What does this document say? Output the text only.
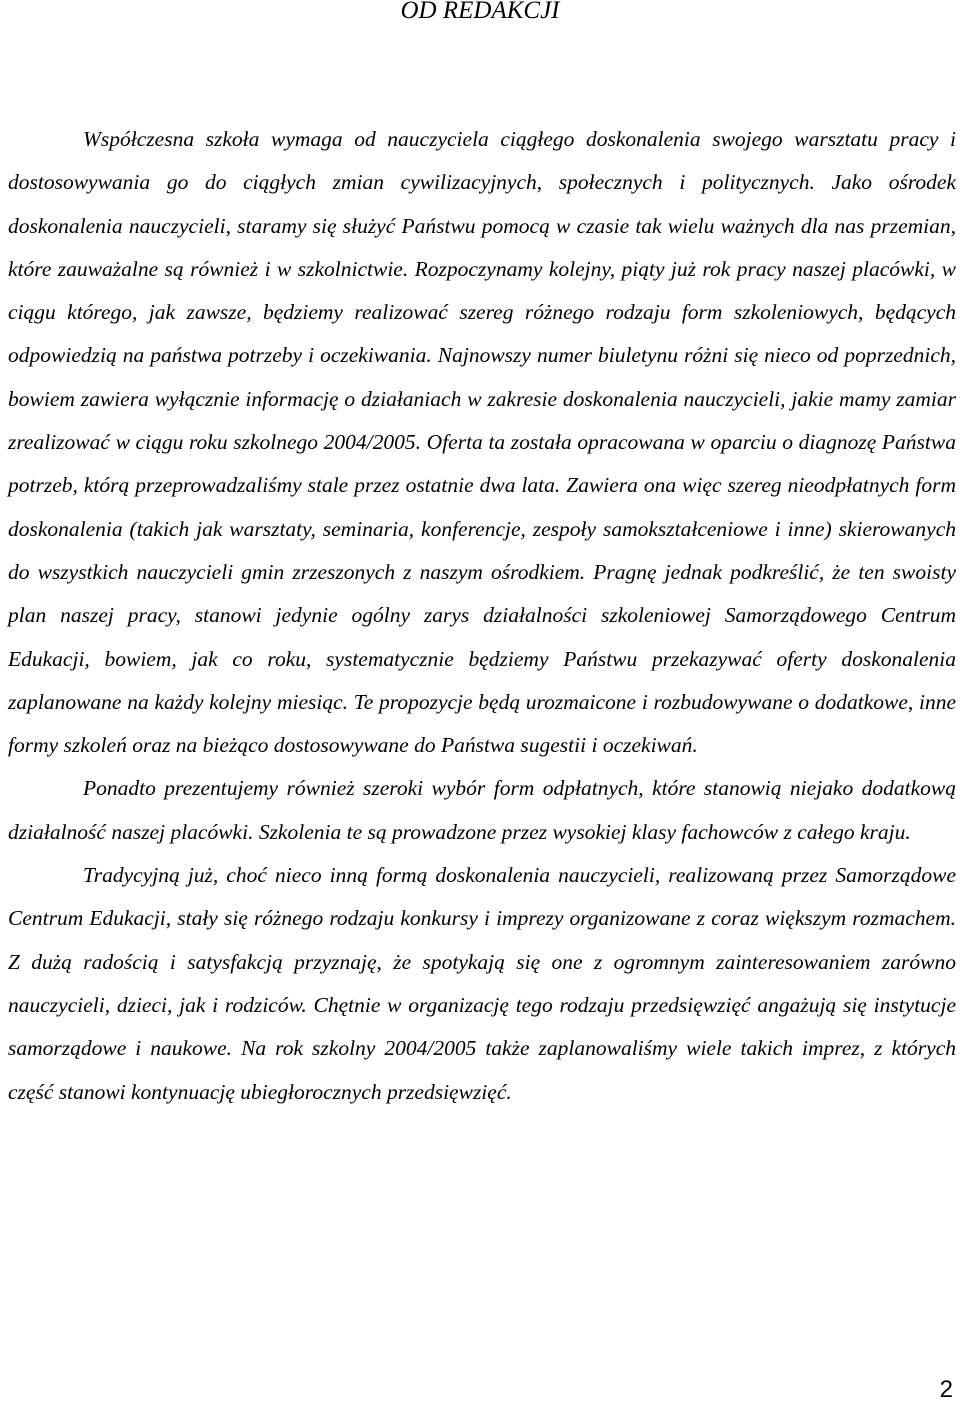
OD REDAKCJI

Współczesna szkoła wymaga od nauczyciela ciągłego doskonalenia swojego warsztatu pracy i dostosowywania go do ciągłych zmian cywilizacyjnych, społecznych i politycznych. Jako ośrodek doskonalenia nauczycieli, staramy się służyć Państwu pomocą w czasie tak wielu ważnych dla nas przemian, które zauważalne są również i w szkolnictwie. Rozpoczynamy kolejny, piąty już rok pracy naszej placówki, w ciągu którego, jak zawsze, będziemy realizować szereg różnego rodzaju form szkoleniowych, będących odpowiedzią na państwa potrzeby i oczekiwania. Najnowszy numer biuletynu różni się nieco od poprzednich, bowiem zawiera wyłącznie informację o działaniach w zakresie doskonalenia nauczycieli, jakie mamy zamiar zrealizować w ciągu roku szkolnego 2004/2005. Oferta ta została opracowana w oparciu o diagnozę Państwa potrzeb, którą przeprowadzaliśmy stale przez ostatnie dwa lata. Zawiera ona więc szereg nieodpłatnych form doskonalenia (takich jak warsztaty, seminaria, konferencje, zespoły samokształceniowe i inne) skierowanych do wszystkich nauczycieli gmin zrzeszonych z naszym ośrodkiem. Pragnę jednak podkreślić, że ten swoisty plan naszej pracy, stanowi jedynie ogólny zarys działalności szkoleniowej Samorządowego Centrum Edukacji, bowiem, jak co roku, systematycznie będziemy Państwu przekazywać oferty doskonalenia zaplanowane na każdy kolejny miesiąc. Te propozycje będą urozmaicone i rozbudowywane o dodatkowe, inne formy szkoleń oraz na bieżąco dostosowywane do Państwa sugestii i oczekiwań.

Ponadto prezentujemy również szeroki wybór form odpłatnych, które stanowią niejako dodatkową działalność naszej placówki. Szkolenia te są prowadzone przez wysokiej klasy fachowców z całego kraju.

Tradycyjną już, choć nieco inną formą doskonalenia nauczycieli, realizowaną przez Samorządowe Centrum Edukacji, stały się różnego rodzaju konkursy i imprezy organizowane z coraz większym rozmachem. Z dużą radością i satysfakcją przyznaję, że spotykają się one z ogromnym zainteresowaniem zarówno nauczycieli, dzieci, jak i rodziców. Chętnie w organizację tego rodzaju przedsięwzięć angażują się instytucje samorządowe i naukowe. Na rok szkolny 2004/2005 także zaplanowaliśmy wiele takich imprez, z których część stanowi kontynuację ubiegłorocznych przedsięwzięć.

2
